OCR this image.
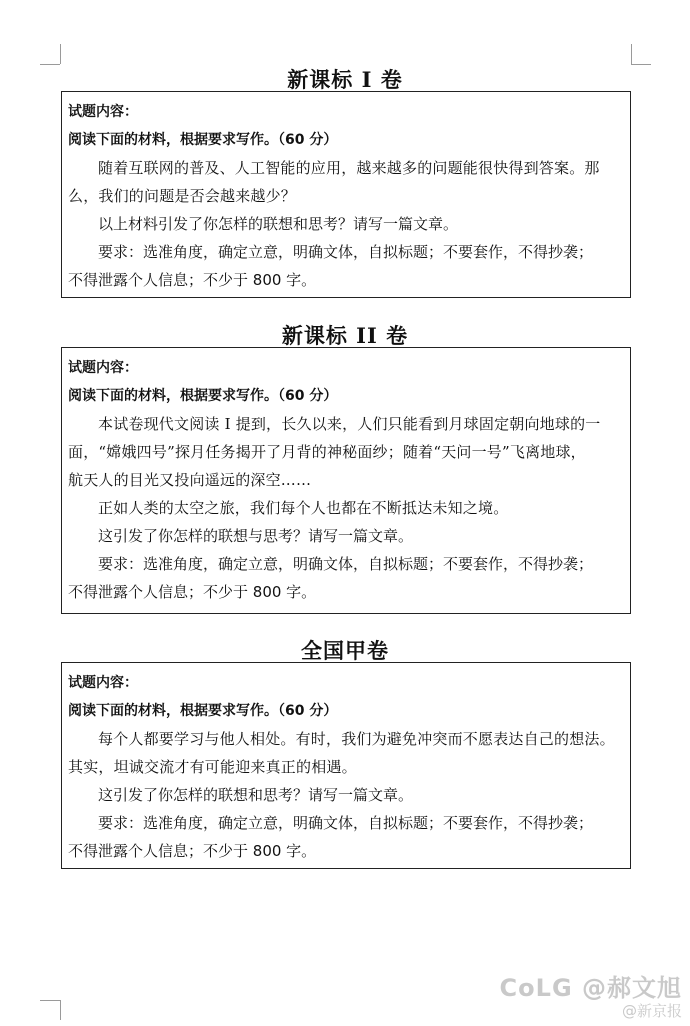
新课标 I 卷
试题内容：
阅读下面的材料，根据要求写作。（60 分）
随着互联网的普及、人工智能的应用，越来越多的问题能很快得到答案。那
么，我们的问题是否会越来越少？
以上材料引发了你怎样的联想和思考？请写一篇文章。
要求：选准角度，确定立意，明确文体，自拟标题；不要套作，不得抄袭；
不得泄露个人信息；不少于 800 字。
新课标 II 卷
试题内容：
阅读下面的材料，根据要求写作。（60 分）
本试卷现代文阅读 I 提到，长久以来，人们只能看到月球固定朝向地球的一
面，“嫦娥四号”探月任务揭开了月背的神秘面纱；随着“天问一号”飞离地球，
航天人的目光又投向遥远的深空……
正如人类的太空之旅，我们每个人也都在不断抵达未知之境。
这引发了你怎样的联想与思考？请写一篇文章。
要求：选准角度，确定立意，明确文体，自拟标题；不要套作，不得抄袭；
不得泄露个人信息；不少于 800 字。
全国甲卷
试题内容：
阅读下面的材料，根据要求写作。（60 分）
每个人都要学习与他人相处。有时，我们为避免冲突而不愿表达自己的想法。
其实，坦诚交流才有可能迎来真正的相遇。
这引发了你怎样的联想和思考？请写一篇文章。
要求：选准角度，确定立意，明确文体，自拟标题；不要套作，不得抄袭；
不得泄露个人信息；不少于 800 字。
CoLG @郝文旭
@新京报
